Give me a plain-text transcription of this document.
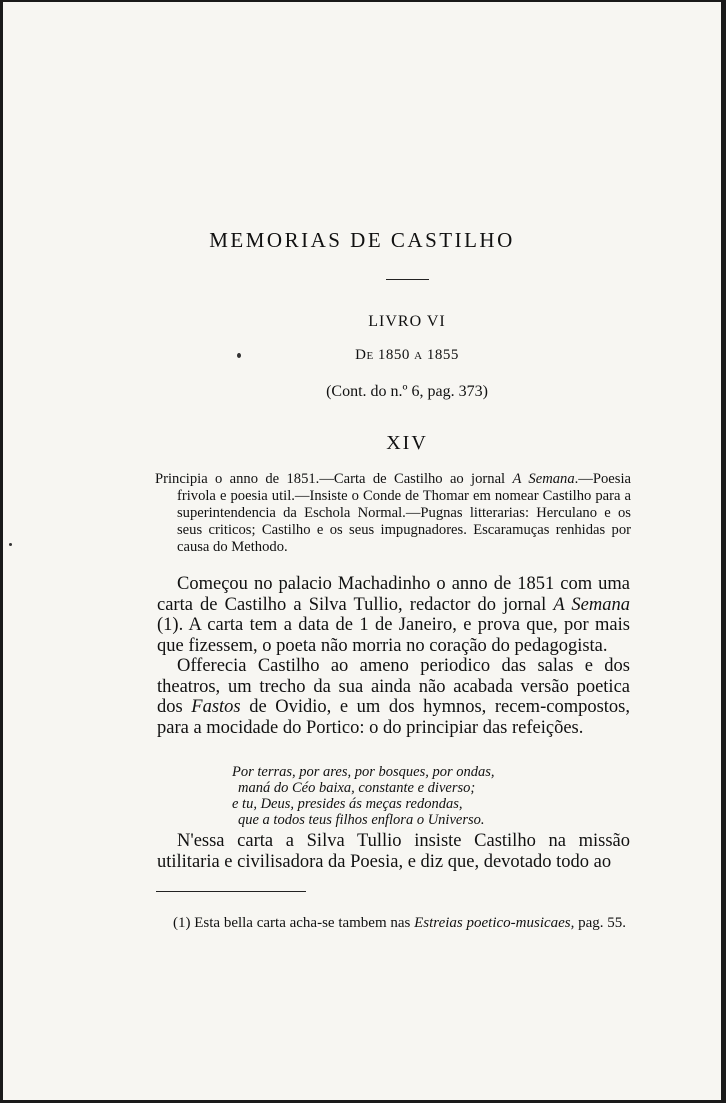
MEMORIAS DE CASTILHO
LIVRO VI
De 1850 a 1855
(Cont. do n.º 6, pag. 373)
XIV

Principia o anno de 1851.—Carta de Castilho ao jornal A Semana.—Poesia frivola e poesia util.—Insiste o Conde de Thomar em nomear Castilho para a superintendencia da Eschola Normal.—Pugnas litterarias: Herculano e os seus criticos; Castilho e os seus impugnadores. Escaramuças renhidas por causa do Methodo.

Começou no palacio Machadinho o anno de 1851 com uma carta de Castilho a Silva Tullio, redactor do jornal A Semana (1). A carta tem a data de 1 de Janeiro, e prova que, por mais que fizessem, o poeta não morria no coração do pedagogista.

Offerecia Castilho ao ameno periodico das salas e dos theatros, um trecho da sua ainda não acabada versão poetica dos Fastos de Ovidio, e um dos hymnos, recem-compostos, para a mocidade do Portico: o do principiar das refeições.

Por terras, por ares, por bosques, por ondas,
maná do Céo baixa, constante e diverso;
e tu, Deus, presides ás meças redondas,
que a todos teus filhos enflora o Universo.

N'essa carta a Silva Tullio insiste Castilho na missão utilitaria e civilisadora da Poesia, e diz que, devotado todo ao

(1) Esta bella carta acha-se tambem nas Estreias poetico-musicaes, pag. 55.
